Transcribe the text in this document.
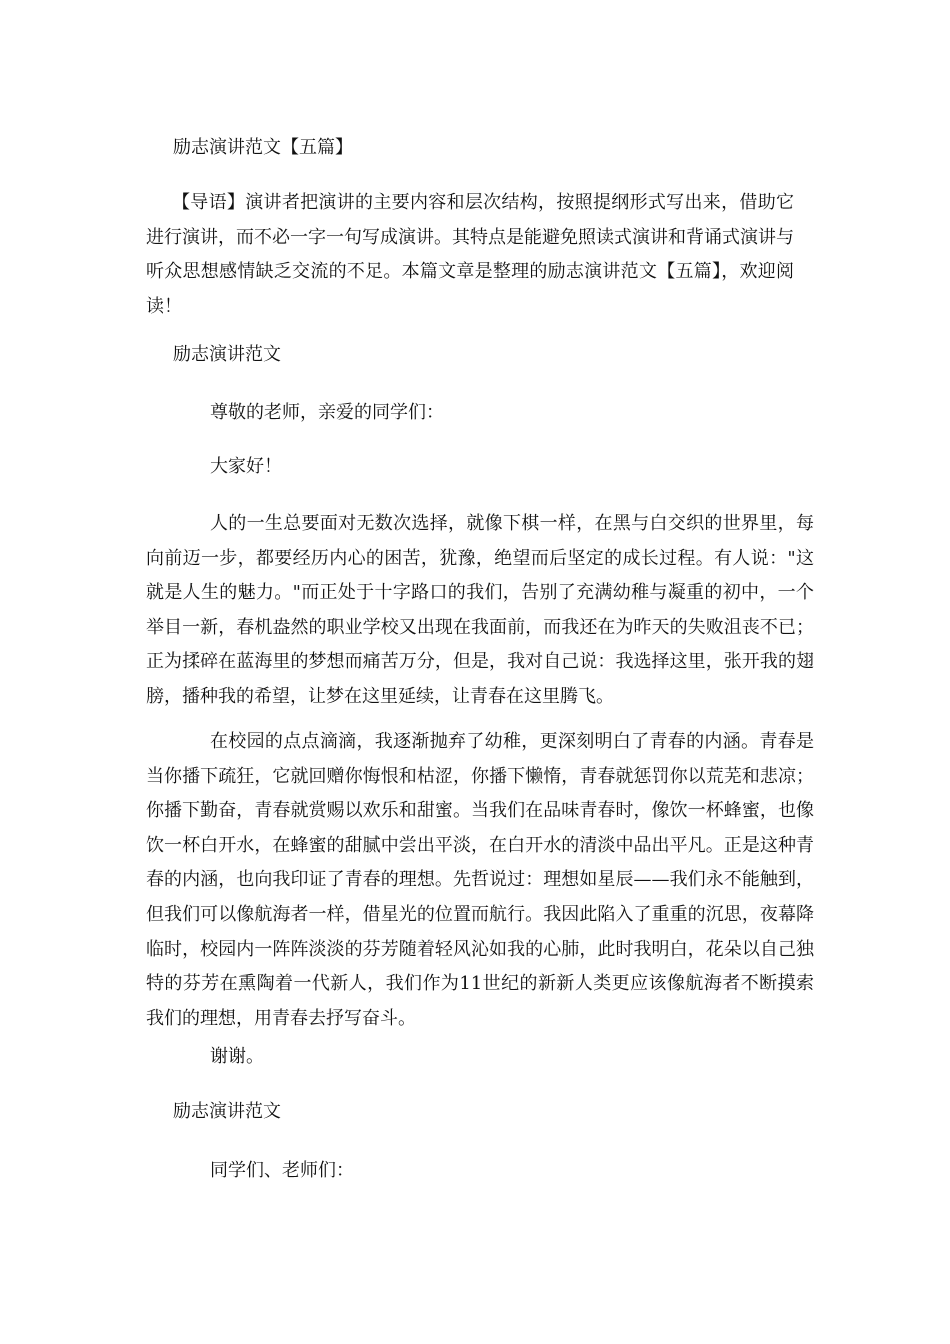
励志演讲范文【五篇】

【导语】演讲者把演讲的主要内容和层次结构，按照提纲形式写出来，借助它进行演讲，而不必一字一句写成演讲。其特点是能避免照读式演讲和背诵式演讲与听众思想感情缺乏交流的不足。本篇文章是整理的励志演讲范文【五篇】，欢迎阅读！

励志演讲范文

尊敬的老师，亲爱的同学们：

大家好！

人的一生总要面对无数次选择，就像下棋一样，在黑与白交织的世界里，每向前迈一步，都要经历内心的困苦，犹豫，绝望而后坚定的成长过程。有人说："这就是人生的魅力。"而正处于十字路口的我们，告别了充满幼稚与凝重的初中，一个举目一新，春机盎然的职业学校又出现在我面前，而我还在为昨天的失败沮丧不已；正为揉碎在蓝海里的梦想而痛苦万分，但是，我对自己说：我选择这里，张开我的翅膀，播种我的希望，让梦在这里延续，让青春在这里腾飞。

在校园的点点滴滴，我逐渐抛弃了幼稚，更深刻明白了青春的内涵。青春是当你播下疏狂，它就回赠你悔恨和枯涩，你播下懒惰，青春就惩罚你以荒芜和悲凉；你播下勤奋，青春就赏赐以欢乐和甜蜜。当我们在品味青春时，像饮一杯蜂蜜，也像饮一杯白开水，在蜂蜜的甜腻中尝出平淡，在白开水的清淡中品出平凡。正是这种青春的内涵，也向我印证了青春的理想。先哲说过：理想如星辰——我们永不能触到，但我们可以像航海者一样，借星光的位置而航行。我因此陷入了重重的沉思，夜幕降临时，校园内一阵阵淡淡的芬芳随着轻风沁如我的心肺，此时我明白，花朵以自己独特的芬芳在熏陶着一代新人，我们作为11世纪的新新人类更应该像航海者不断摸索我们的理想，用青春去抒写奋斗。

谢谢。

励志演讲范文

同学们、老师们：
